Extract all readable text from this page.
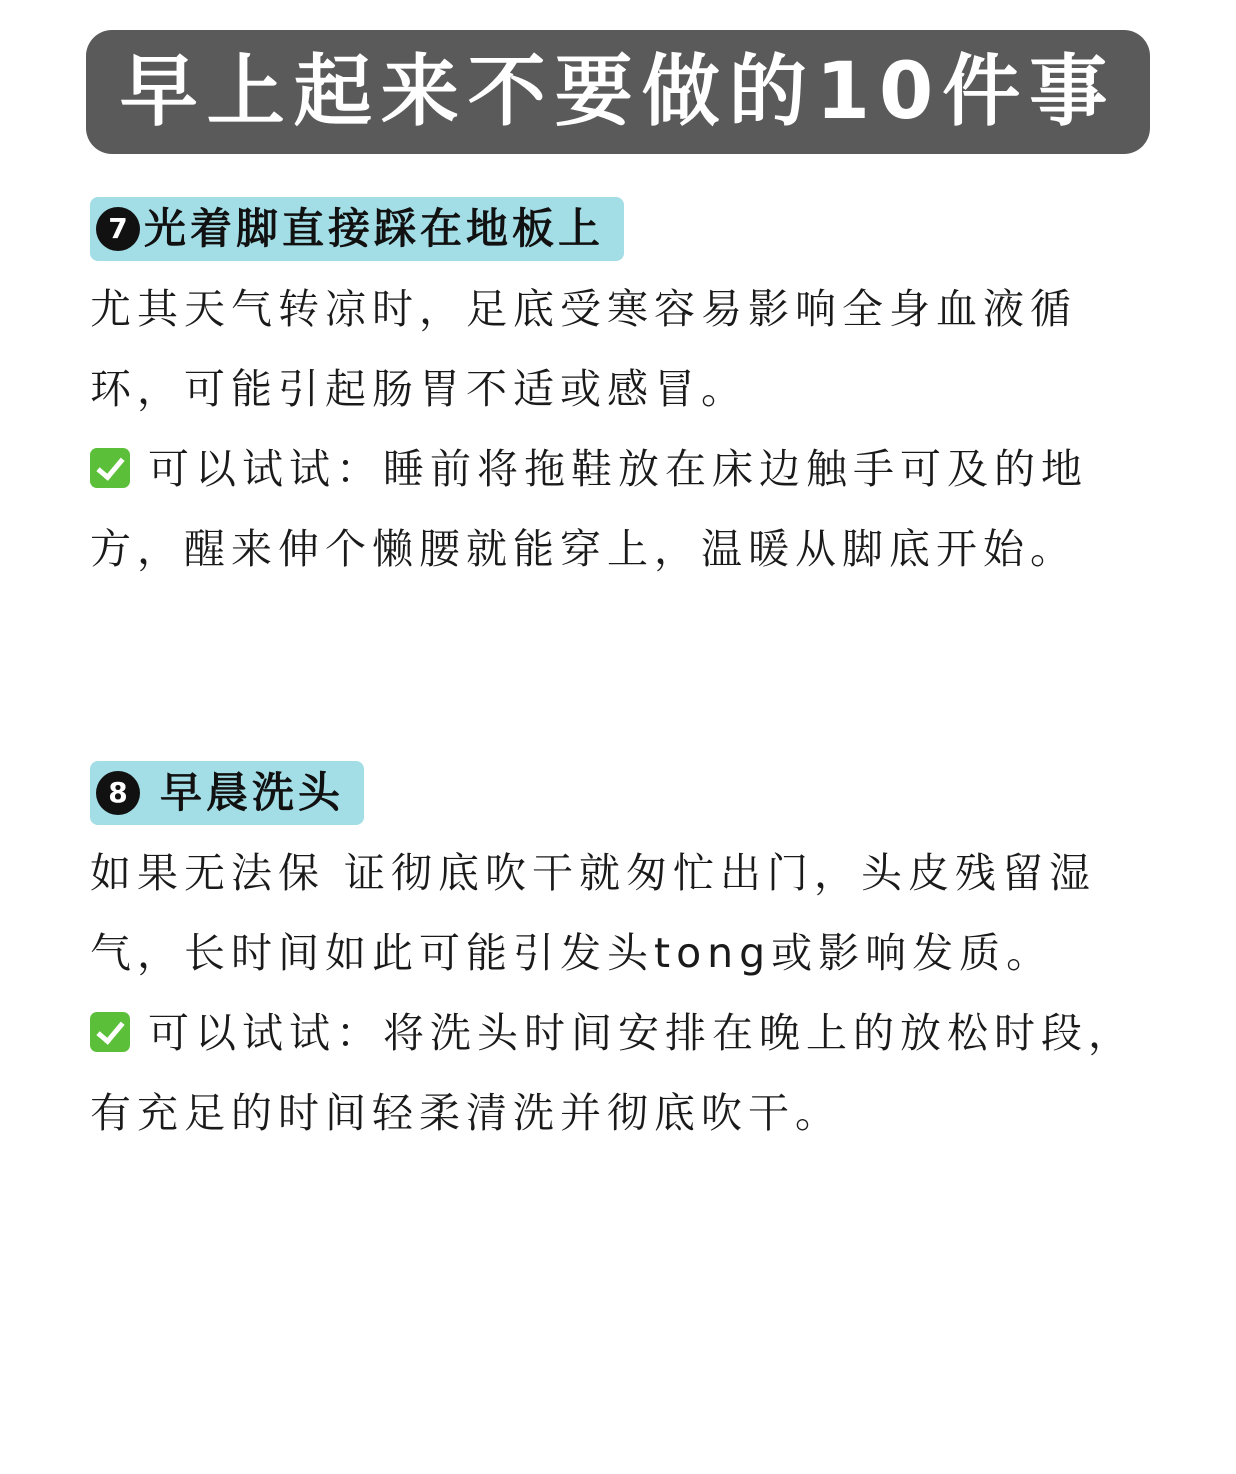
早上起来不要做的10件事
7 光着脚直接踩在地板上

尤其天气转凉时，足底受寒容易影响全身血液循环，可能引起肠胃不适或感冒。

可以试试：睡前将拖鞋放在床边触手可及的地方，醒来伸个懒腰就能穿上，温暖从脚底开始。

8 早晨洗头

如果无法保 证彻底吹干就匆忙出门，头皮残留湿气，长时间如此可能引发头tong或影响发质。

可以试试：将洗头时间安排在晚上的放松时段，有充足的时间轻柔清洗并彻底吹干。
